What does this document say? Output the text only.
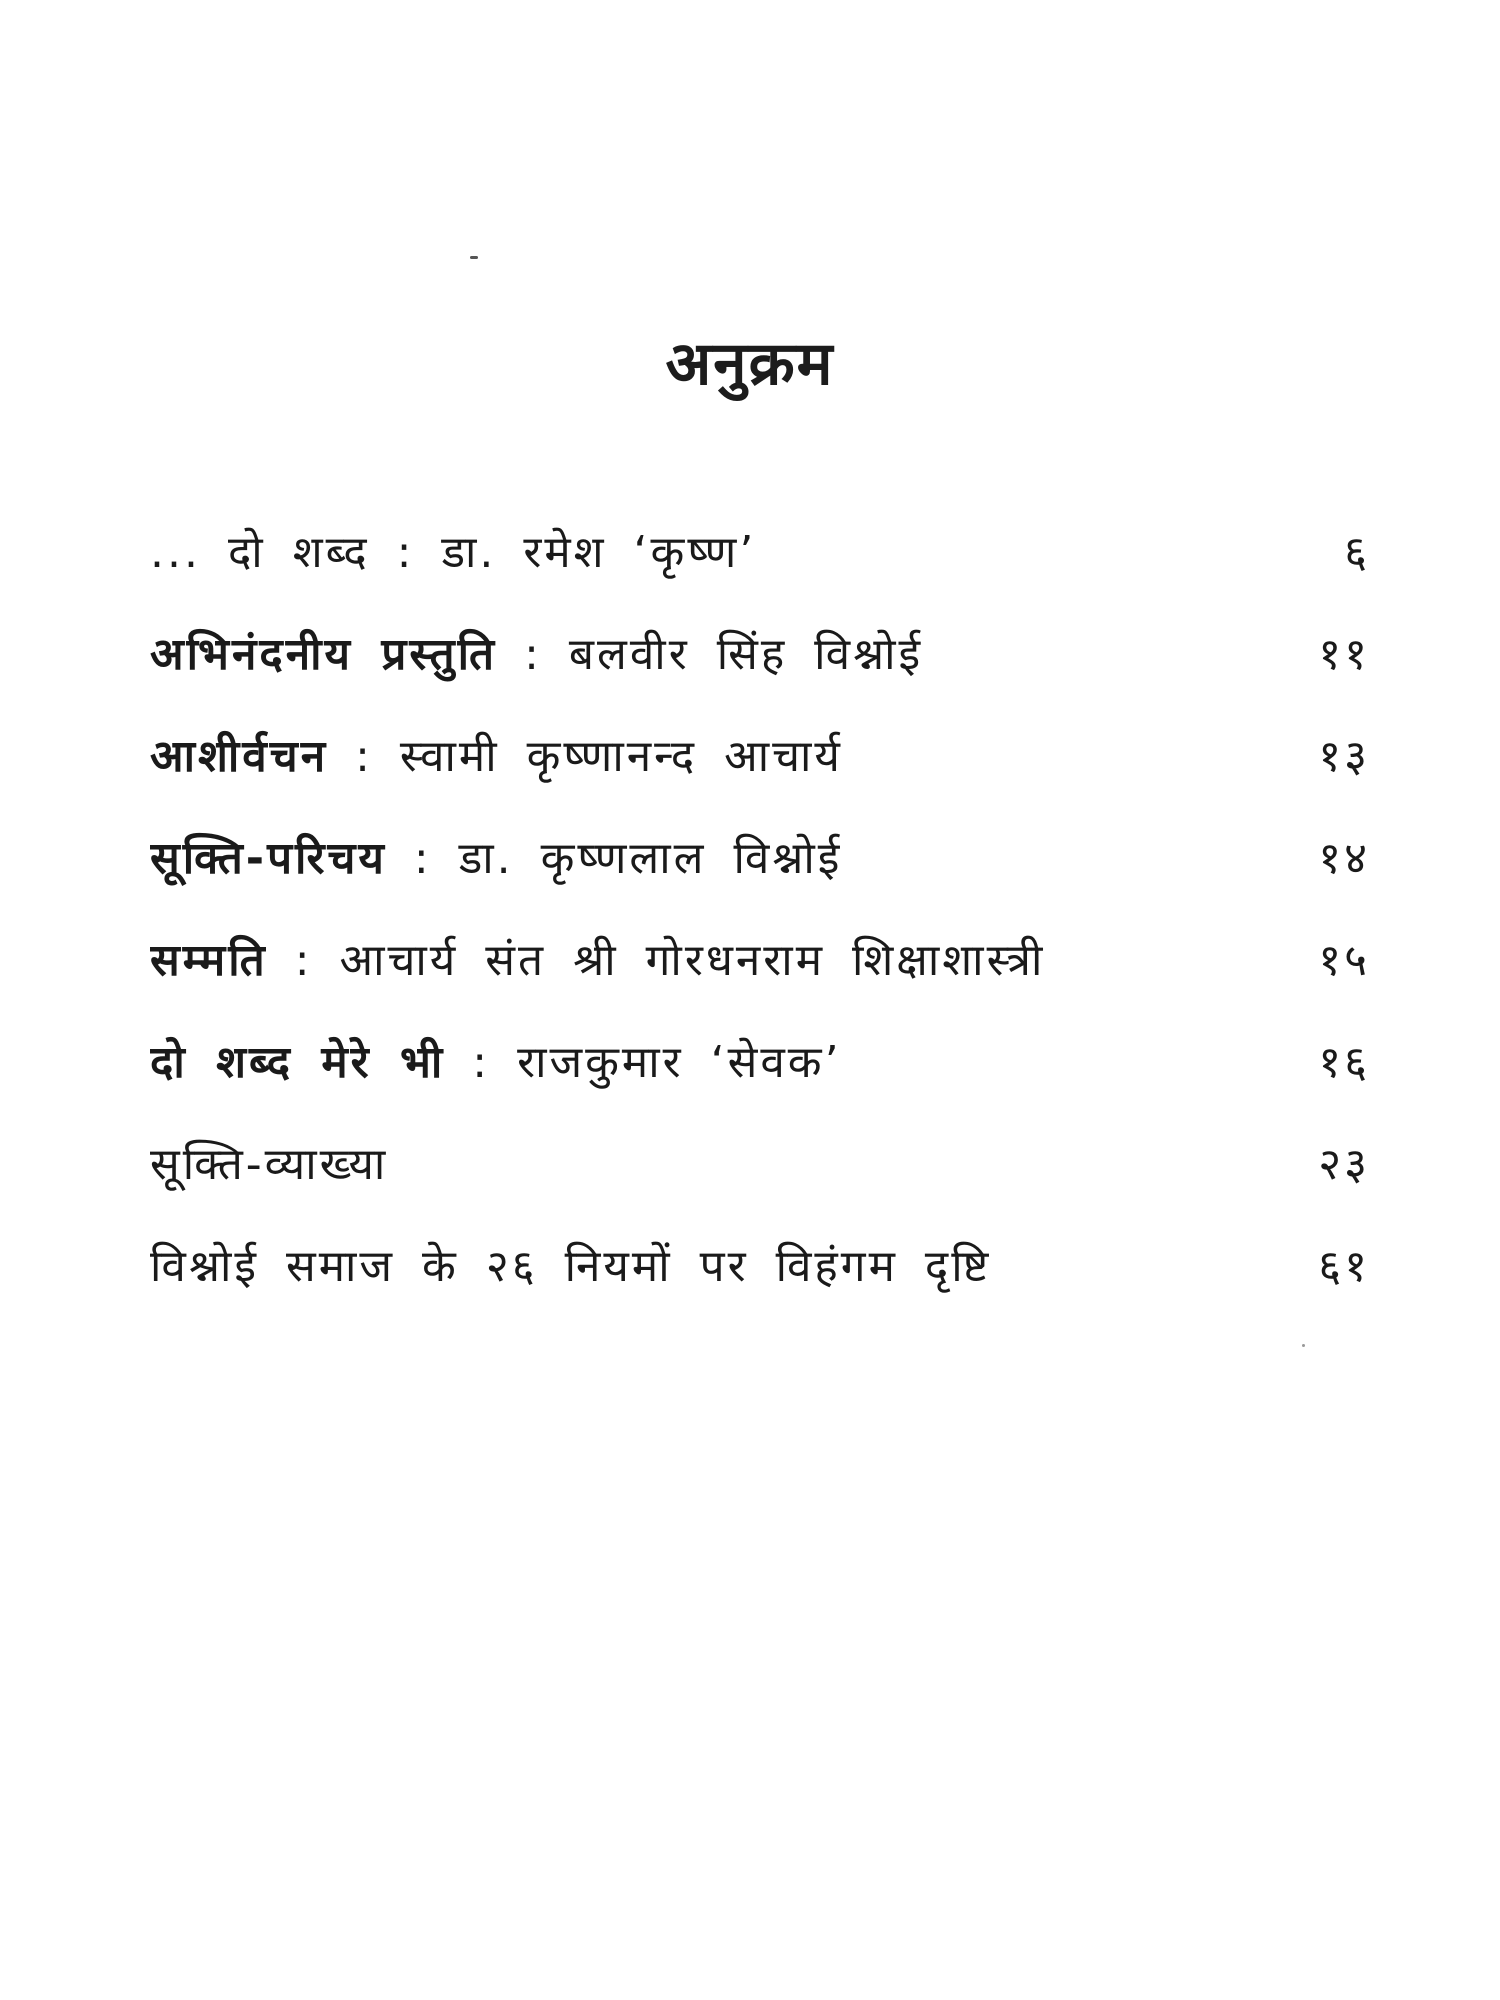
अनुक्रम
... दो शब्द : डा. रमेश ‘कृष्ण’	६
अभिनंदनीय प्रस्तुति : बलवीर सिंह विश्नोई	११
आशीर्वचन : स्वामी कृष्णानन्द आचार्य	१३
सूक्ति-परिचय : डा. कृष्णलाल विश्नोई	१४
सम्मति : आचार्य संत श्री गोरधनराम शिक्षाशास्त्री	१५
दो शब्द मेरे भी : राजकुमार ‘सेवक’	१६
सूक्ति-व्याख्या	२३
विश्नोई समाज के २६ नियमों पर विहंगम दृष्टि	६१
